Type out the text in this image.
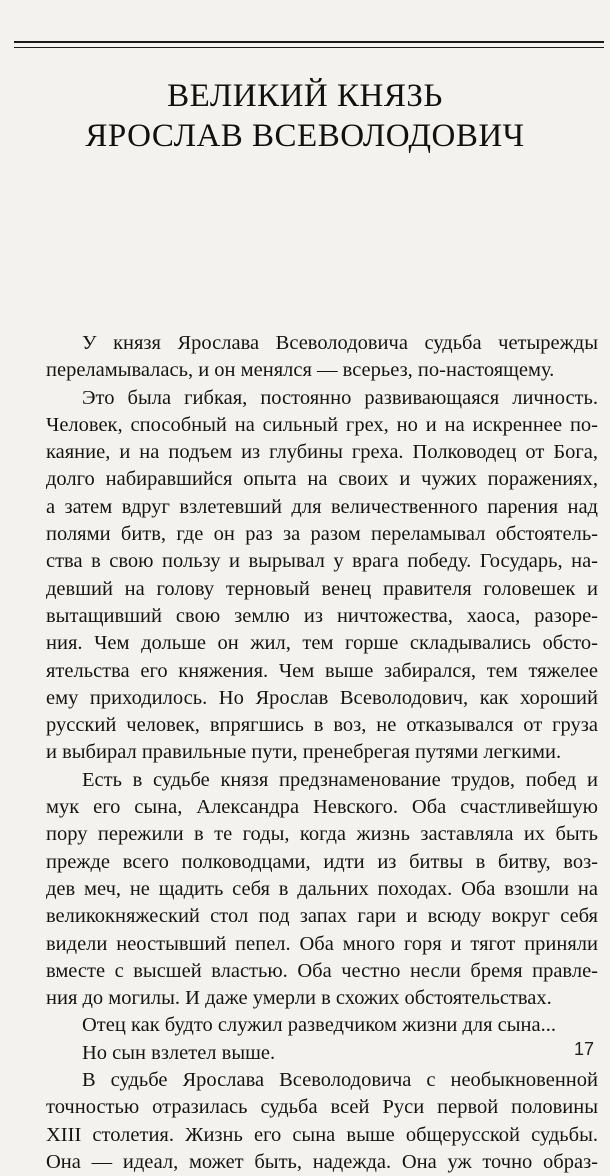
ВЕЛИКИЙ КНЯЗЬ
ЯРОСЛАВ ВСЕВОЛОДОВИЧ
У князя Ярослава Всеволодовича судьба четырежды
переламывалась, и он менялся — всерьез, по-настоящему.
Это была гибкая, постоянно развивающаяся личность.
Человек, способный на сильный грех, но и на искреннее по-
каяние, и на подъем из глубины греха. Полководец от Бога,
долго набиравшийся опыта на своих и чужих поражениях,
а затем вдруг взлетевший для величественного парения над
полями битв, где он раз за разом переламывал обстоятель-
ства в свою пользу и вырывал у врага победу. Государь, на-
девший на голову терновый венец правителя головешек и
вытащивший свою землю из ничтожества, хаоса, разоре-
ния. Чем дольше он жил, тем горше складывались обсто-
ятельства его княжения. Чем выше забирался, тем тяжелее
ему приходилось. Но Ярослав Всеволодович, как хороший
русский человек, впрягшись в воз, не отказывался от груза
и выбирал правильные пути, пренебрегая путями легкими.
Есть в судьбе князя предзнаменование трудов, побед и
мук его сына, Александра Невского. Оба счастливейшую
пору пережили в те годы, когда жизнь заставляла их быть
прежде всего полководцами, идти из битвы в битву, воз-
дев меч, не щадить себя в дальних походах. Оба взошли на
великокняжеский стол под запах гари и всюду вокруг себя
видели неостывший пепел. Оба много горя и тягот приняли
вместе с высшей властью. Оба честно несли бремя правле-
ния до могилы. И даже умерли в схожих обстоятельствах.
Отец как будто служил разведчиком жизни для сына...
Но сын взлетел выше.
В судьбе Ярослава Всеволодовича с необыкновенной
точностью отразилась судьба всей Руси первой половины
XIII столетия. Жизнь его сына выше общерусской судьбы.
Она — идеал, может быть, надежда. Она уж точно образ-
17
